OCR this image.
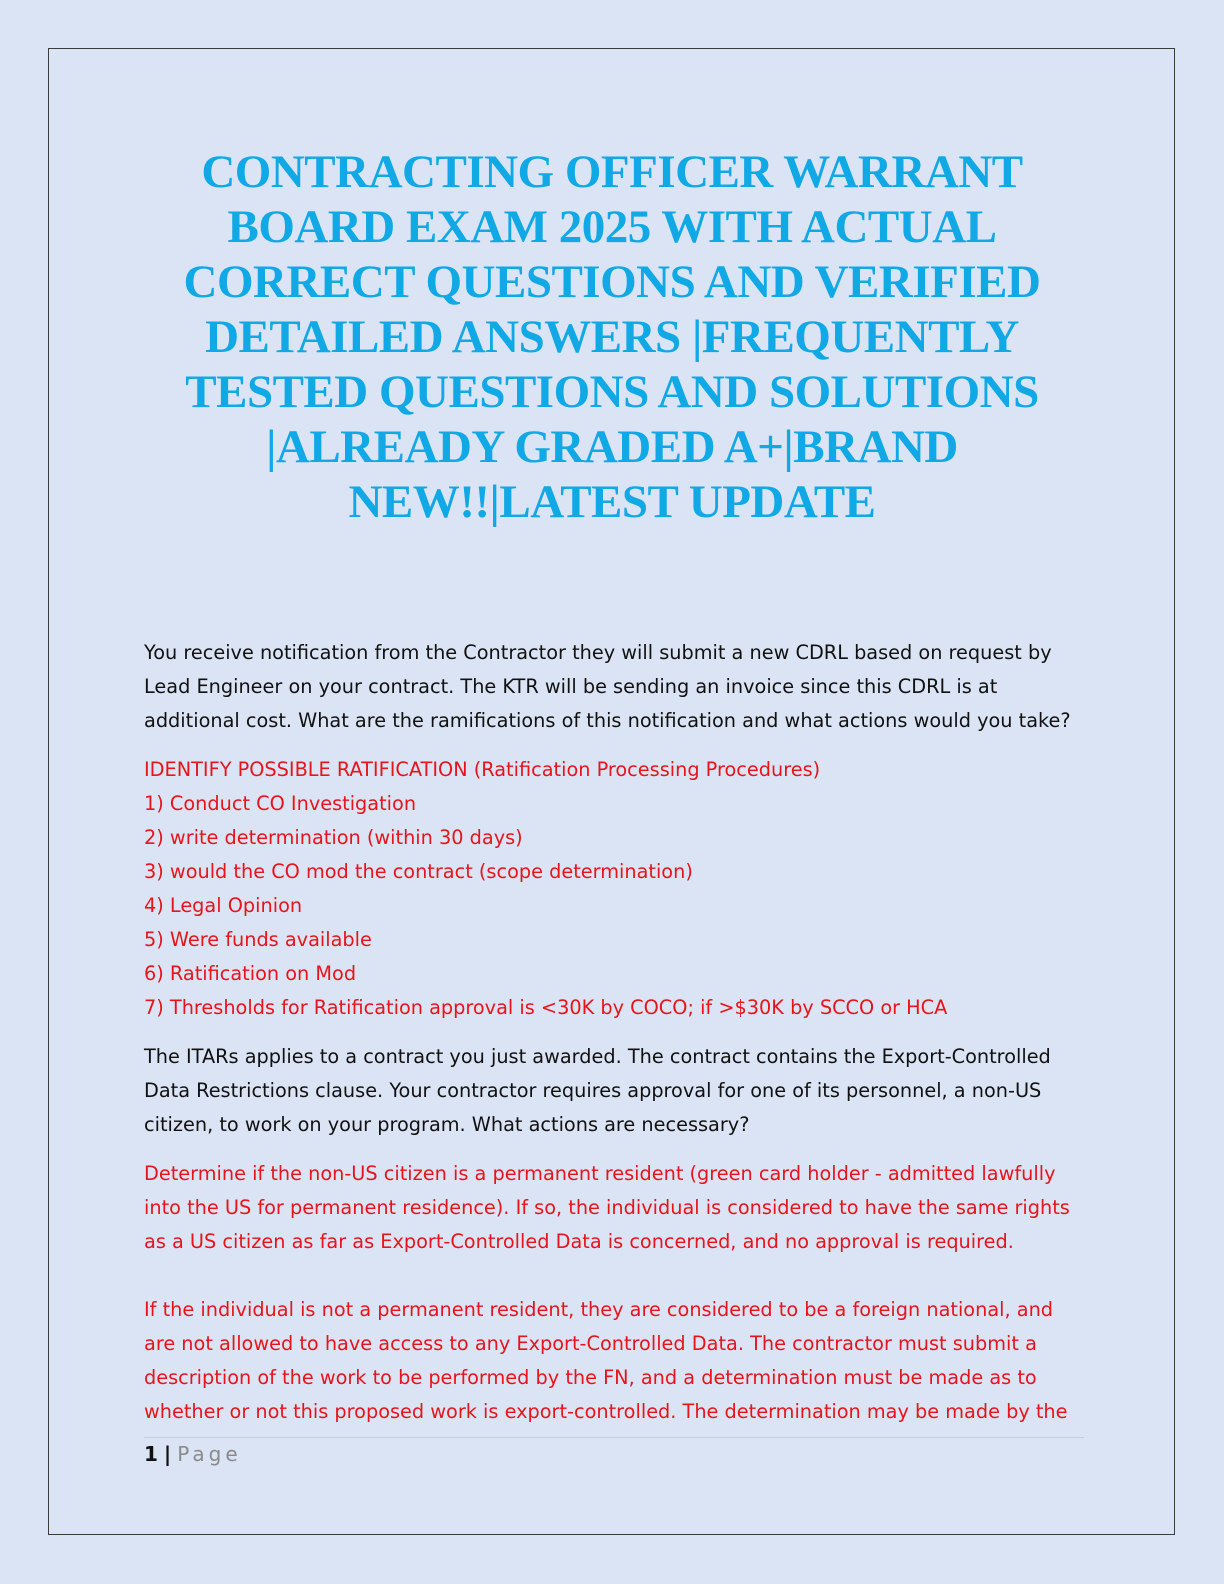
CONTRACTING OFFICER WARRANT BOARD EXAM 2025 WITH ACTUAL CORRECT QUESTIONS AND VERIFIED DETAILED ANSWERS |FREQUENTLY TESTED QUESTIONS AND SOLUTIONS |ALREADY GRADED A+|BRAND NEW!!|LATEST UPDATE

You receive notification from the Contractor they will submit a new CDRL based on request by
Lead Engineer on your contract. The KTR will be sending an invoice since this CDRL is at
additional cost. What are the ramifications of this notification and what actions would you take?

IDENTIFY POSSIBLE RATIFICATION (Ratification Processing Procedures)
1) Conduct CO Investigation
2) write determination (within 30 days)
3) would the CO mod the contract (scope determination)
4) Legal Opinion
5) Were funds available
6) Ratification on Mod
7) Thresholds for Ratification approval is <30K by COCO; if >$30K by SCCO or HCA

The ITARs applies to a contract you just awarded. The contract contains the Export-Controlled
Data Restrictions clause. Your contractor requires approval for one of its personnel, a non-US
citizen, to work on your program. What actions are necessary?

Determine if the non-US citizen is a permanent resident (green card holder - admitted lawfully
into the US for permanent residence). If so, the individual is considered to have the same rights
as a US citizen as far as Export-Controlled Data is concerned, and no approval is required.

If the individual is not a permanent resident, they are considered to be a foreign national, and
are not allowed to have access to any Export-Controlled Data. The contractor must submit a
description of the work to be performed by the FN, and a determination must be made as to
whether or not this proposed work is export-controlled. The determination may be made by the

1 | Page
